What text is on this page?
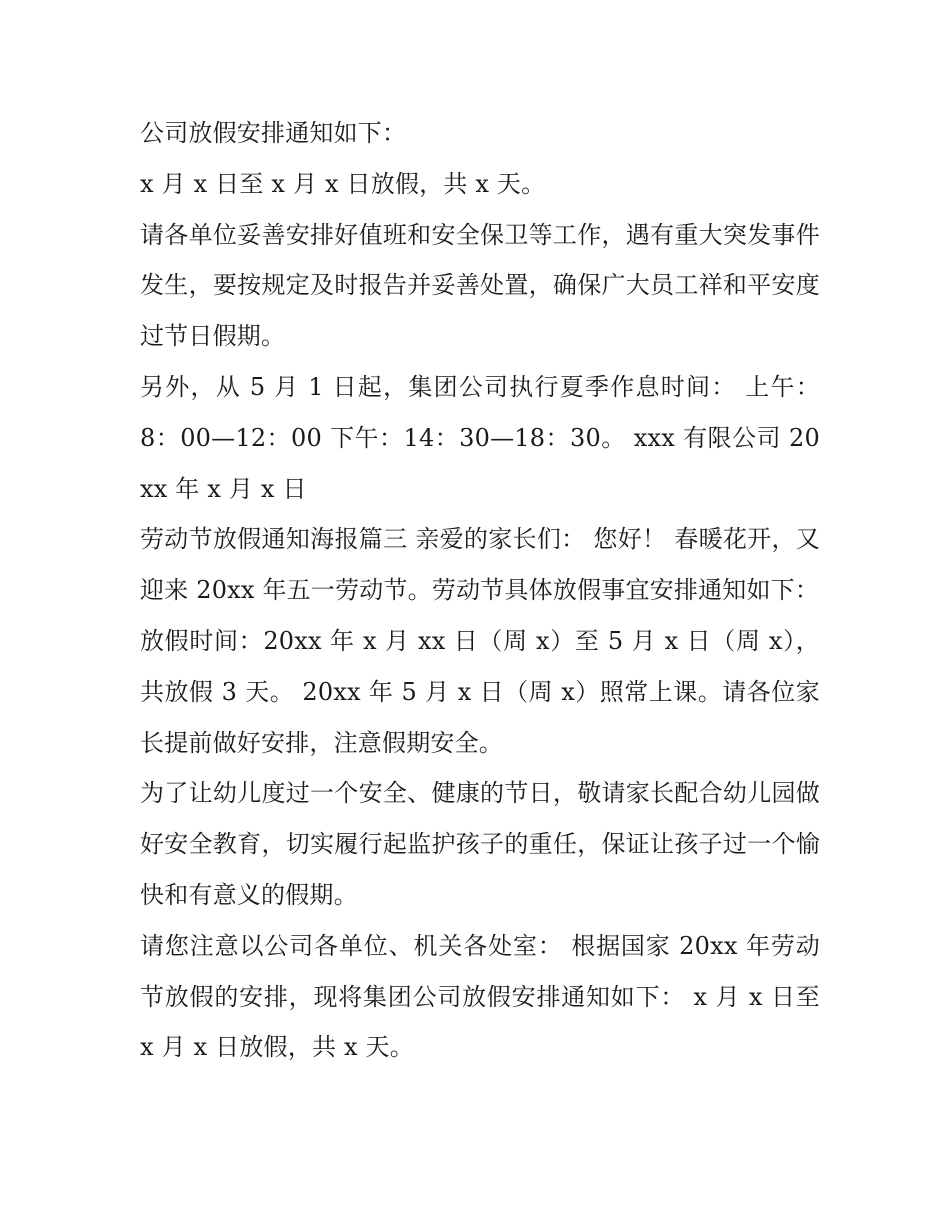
公司放假安排通知如下：

x 月 x 日至 x 月 x 日放假，共 x 天。

请各单位妥善安排好值班和安全保卫等工作，遇有重大突发事件发生，要按规定及时报告并妥善处置，确保广大员工祥和平安度过节日假期。

另外，从 5 月 1 日起，集团公司执行夏季作息时间： 上午：8：00—12：00 下午：14：30—18：30。 xxx 有限公司 20xx 年 x 月 x 日

劳动节放假通知海报篇三 亲爱的家长们： 您好！ 春暖花开，又迎来 20xx 年五一劳动节。劳动节具体放假事宜安排通知如下：

放假时间：20xx 年 x 月 xx 日（周 x）至 5 月 x 日（周 x），共放假 3 天。 20xx 年 5 月 x 日（周 x）照常上课。请各位家长提前做好安排，注意假期安全。

为了让幼儿度过一个安全、健康的节日，敬请家长配合幼儿园做好安全教育，切实履行起监护孩子的重任，保证让孩子过一个愉快和有意义的假期。

请您注意以公司各单位、机关各处室： 根据国家 20xx 年劳动节放假的安排，现将集团公司放假安排通知如下： x 月 x 日至 x 月 x 日放假，共 x 天。
